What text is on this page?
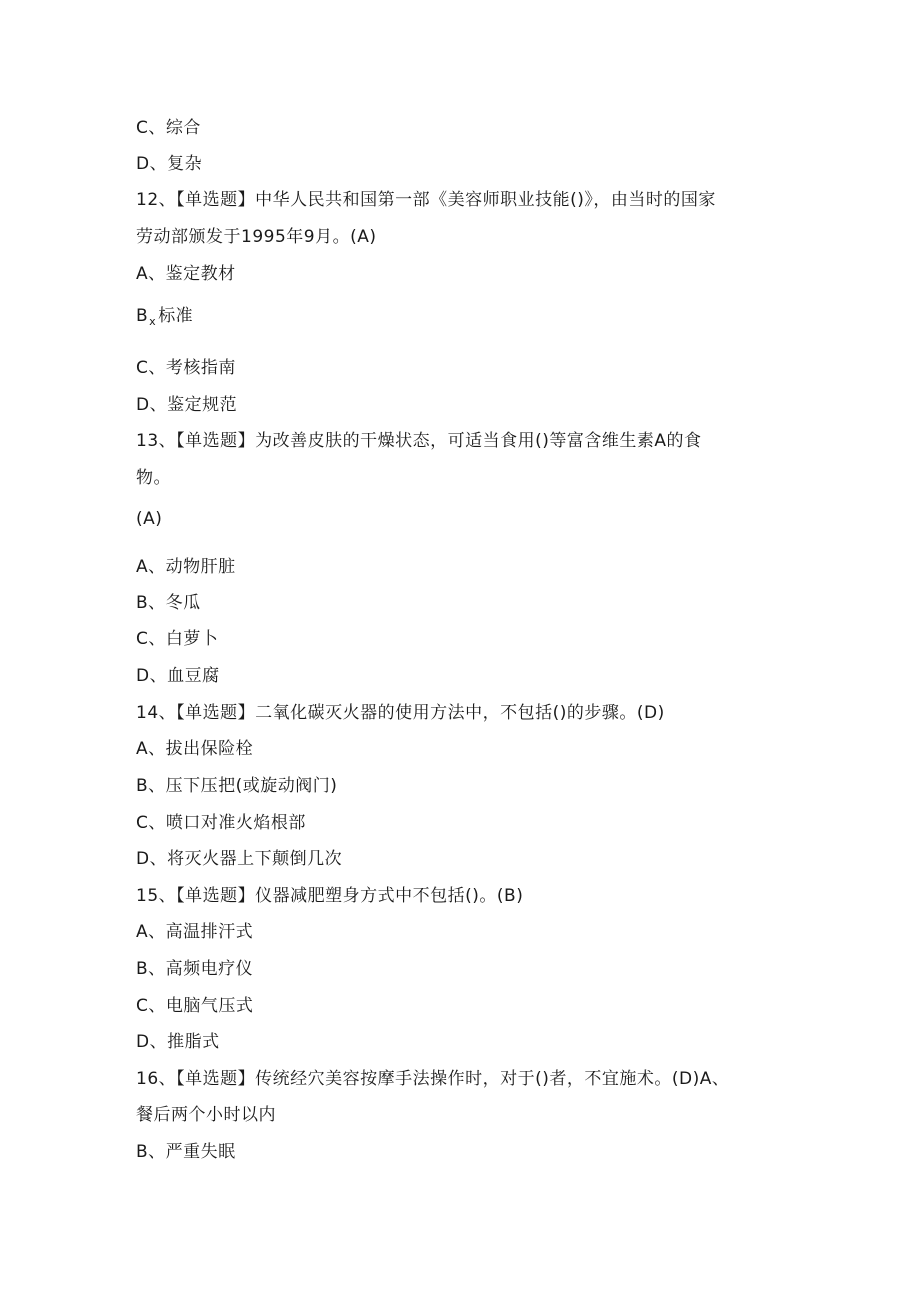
C、综合
D、复杂
12、【单选题】中华人民共和国第一部《美容师职业技能()》，由当时的国家
劳动部颁发于1995年9月。(A)
A、鉴定教材
$B_x$ 标准
C、考核指南
D、鉴定规范
13、【单选题】为改善皮肤的干燥状态，可适当食用()等富含维生素A的食
物。
(A)
A、动物肝脏
B、冬瓜
C、白萝卜
D、血豆腐
14、【单选题】二氧化碳灭火器的使用方法中，不包括()的步骤。(D)
A、拔出保险栓
B、压下压把(或旋动阀门)
C、喷口对准火焰根部
D、将灭火器上下颠倒几次
15、【单选题】仪器减肥塑身方式中不包括()。(B)
A、高温排汗式
B、高频电疗仪
C、电脑气压式
D、推脂式
16、【单选题】传统经穴美容按摩手法操作时，对于()者，不宜施术。(D)A、
餐后两个小时以内
B、严重失眠
